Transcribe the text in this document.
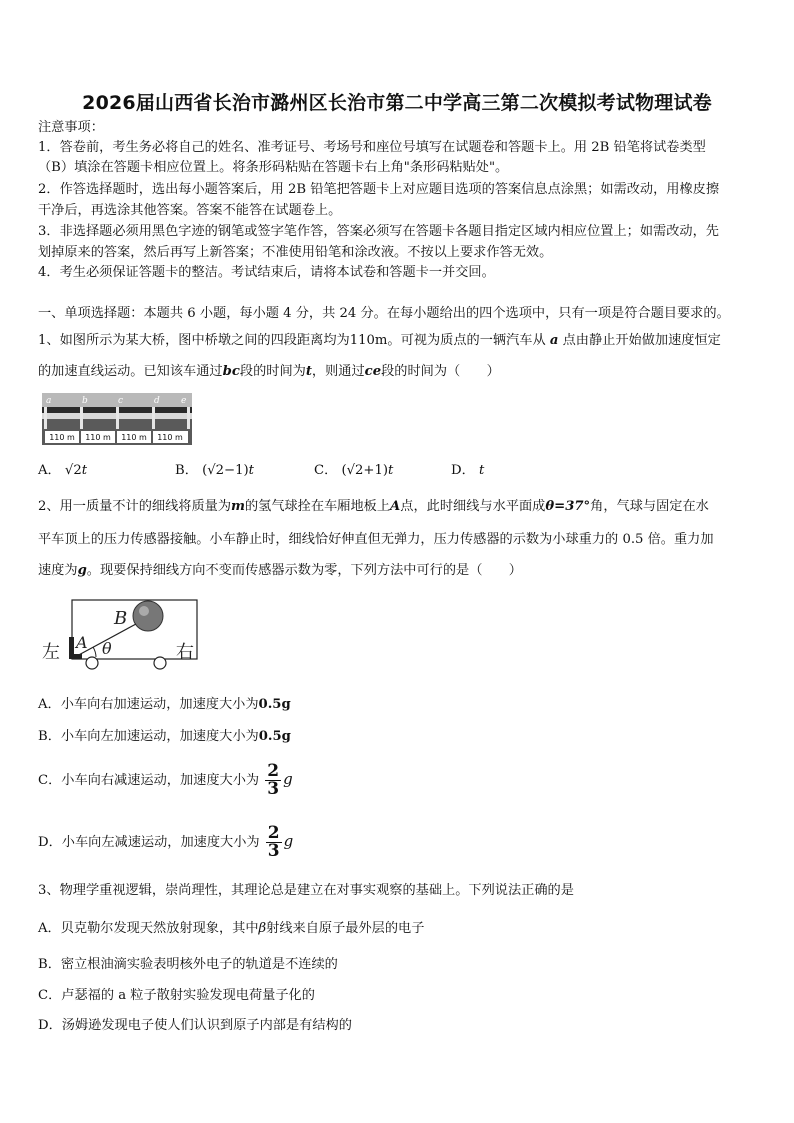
2026届山西省长治市潞州区长治市第二中学高三第二次模拟考试物理试卷
注意事项：
1．答卷前，考生务必将自己的姓名、准考证号、考场号和座位号填写在试题卷和答题卡上。用 2B 铅笔将试卷类型
（B）填涂在答题卡相应位置上。将条形码粘贴在答题卡右上角"条形码粘贴处"。
2．作答选择题时，选出每小题答案后，用 2B 铅笔把答题卡上对应题目选项的答案信息点涂黑；如需改动，用橡皮擦
干净后，再选涂其他答案。答案不能答在试题卷上。
3．非选择题必须用黑色字迹的钢笔或签字笔作答，答案必须写在答题卡各题目指定区域内相应位置上；如需改动，先
划掉原来的答案，然后再写上新答案；不准使用铅笔和涂改液。不按以上要求作答无效。
4．考生必须保证答题卡的整洁。考试结束后，请将本试卷和答题卡一并交回。
一、单项选择题：本题共 6 小题，每小题 4 分，共 24 分。在每小题给出的四个选项中，只有一项是符合题目要求的。
1、如图所示为某大桥，图中桥墩之间的四段距离均为110m。可视为质点的一辆汽车从 a 点由静止开始做加速度恒定
的加速直线运动。已知该车通过bc段的时间为t，则通过ce段的时间为（　　）
a	b	c	d e
110 m 110 m 110 m 110 m
A． √2t	B． (√2−1)t	C． (√2+1)t	D． t
2、用一质量不计的细线将质量为m的氢气球拴在车厢地板上A点，此时细线与水平面成θ=37°角，气球与固定在水
平车顶上的压力传感器接触。小车静止时，细线恰好伸直但无弹力，压力传感器的示数为小球重力的 0.5 倍。重力加
速度为g。现要保持细线方向不变而传感器示数为零，下列方法中可行的是（　　）
左	右
B
A θ
A．小车向右加速运动，加速度大小为0.5g
B．小车向左加速运动，加速度大小为0.5g
C．小车向右减速运动，加速度大小为 $\frac{2}{3}$ g
D．小车向左减速运动，加速度大小为 $\frac{2}{3}$ g
3、物理学重视逻辑，崇尚理性，其理论总是建立在对事实观察的基础上。下列说法正确的是
A．贝克勒尔发现天然放射现象，其中β射线来自原子最外层的电子
B．密立根油滴实验表明核外电子的轨道是不连续的
C．卢瑟福的 a 粒子散射实验发现电荷量子化的
D．汤姆逊发现电子使人们认识到原子内部是有结构的
